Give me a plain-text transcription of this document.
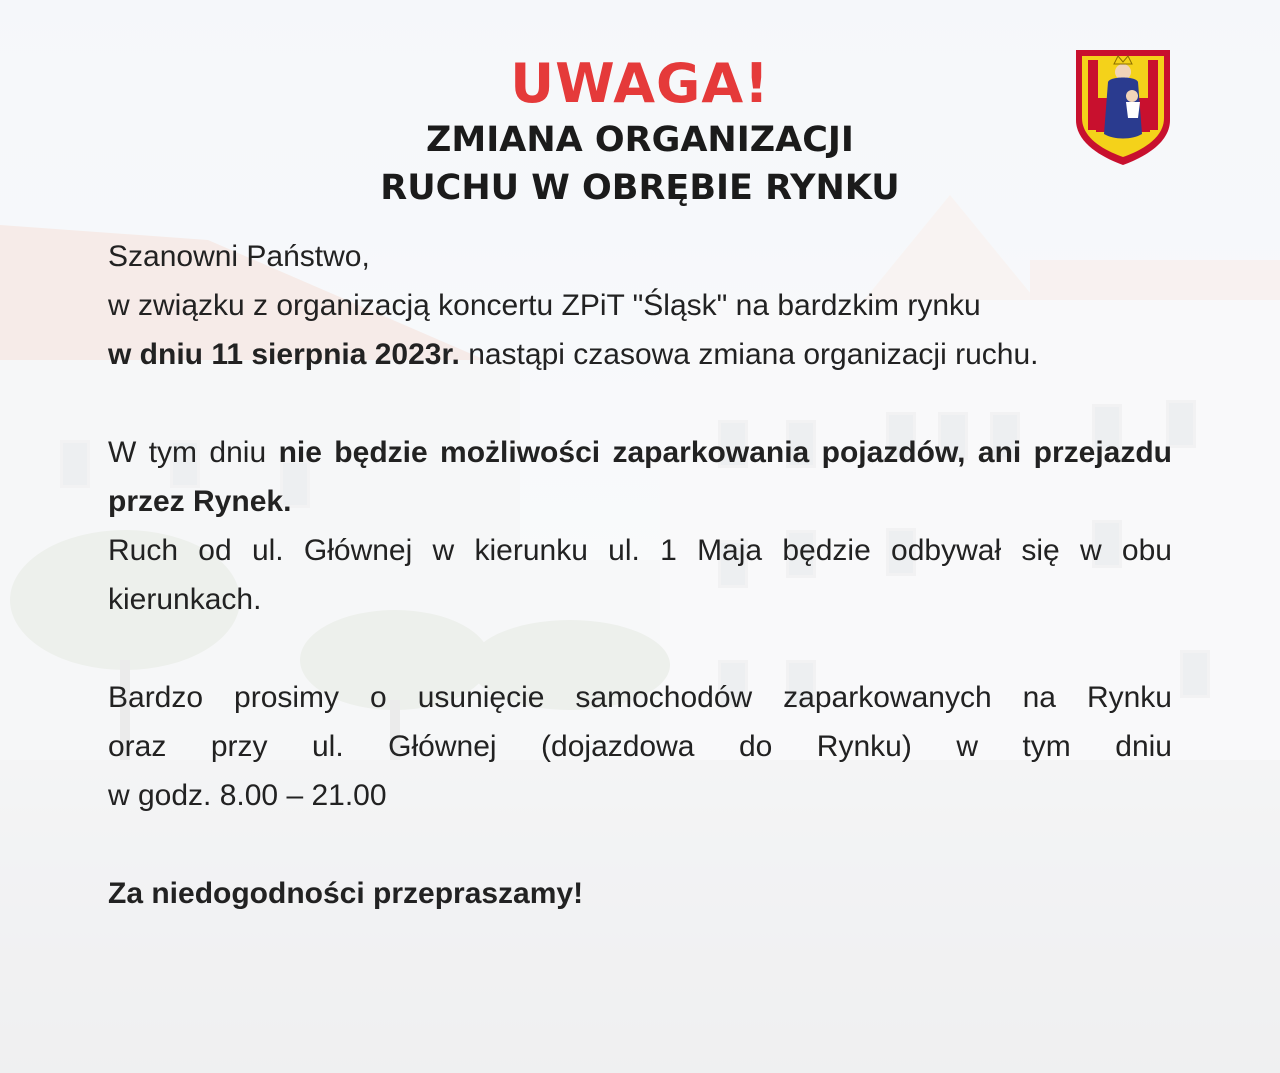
UWAGA!
ZMIANA ORGANIZACJI
RUCHU W OBRĘBIE RYNKU

Szanowni Państwo,

w związku z organizacją koncertu ZPiT "Śląsk" na bardzkim rynku

w dniu 11 sierpnia 2023r. nastąpi czasowa zmiana organizacji ruchu.

W tym dniu nie będzie możliwości zaparkowania pojazdów, ani przejazdu przez Rynek.

Ruch od ul. Głównej w kierunku ul. 1 Maja będzie odbywał się w obu kierunkach.

Bardzo prosimy o usunięcie samochodów zaparkowanych na Rynku

oraz przy ul. Głównej (dojazdowa do Rynku) w tym dniu

w godz. 8.00 – 21.00

Za niedogodności przepraszamy!
